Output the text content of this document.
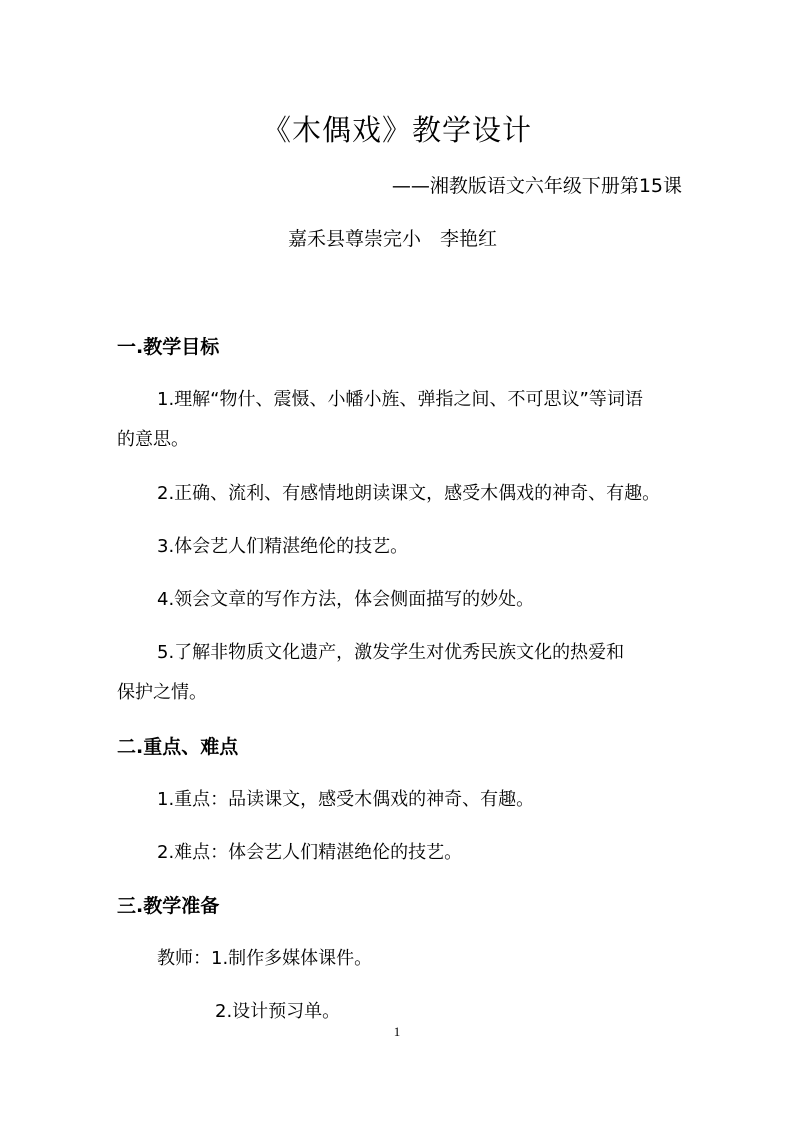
《木偶戏》教学设计
——湘教版语文六年级下册第15课
嘉禾县尊崇完小　李艳红
一.教学目标
1.理解“物什、震慑、小幡小旌、弹指之间、不可思议”等词语
的意思。
2.正确、流利、有感情地朗读课文，感受木偶戏的神奇、有趣。
3.体会艺人们精湛绝伦的技艺。
4.领会文章的写作方法，体会侧面描写的妙处。
5.了解非物质文化遗产，激发学生对优秀民族文化的热爱和
保护之情。
二.重点、难点
1.重点：品读课文，感受木偶戏的神奇、有趣。
2.难点：体会艺人们精湛绝伦的技艺。
三.教学准备
教师：1.制作多媒体课件。
2.设计预习单。
1
